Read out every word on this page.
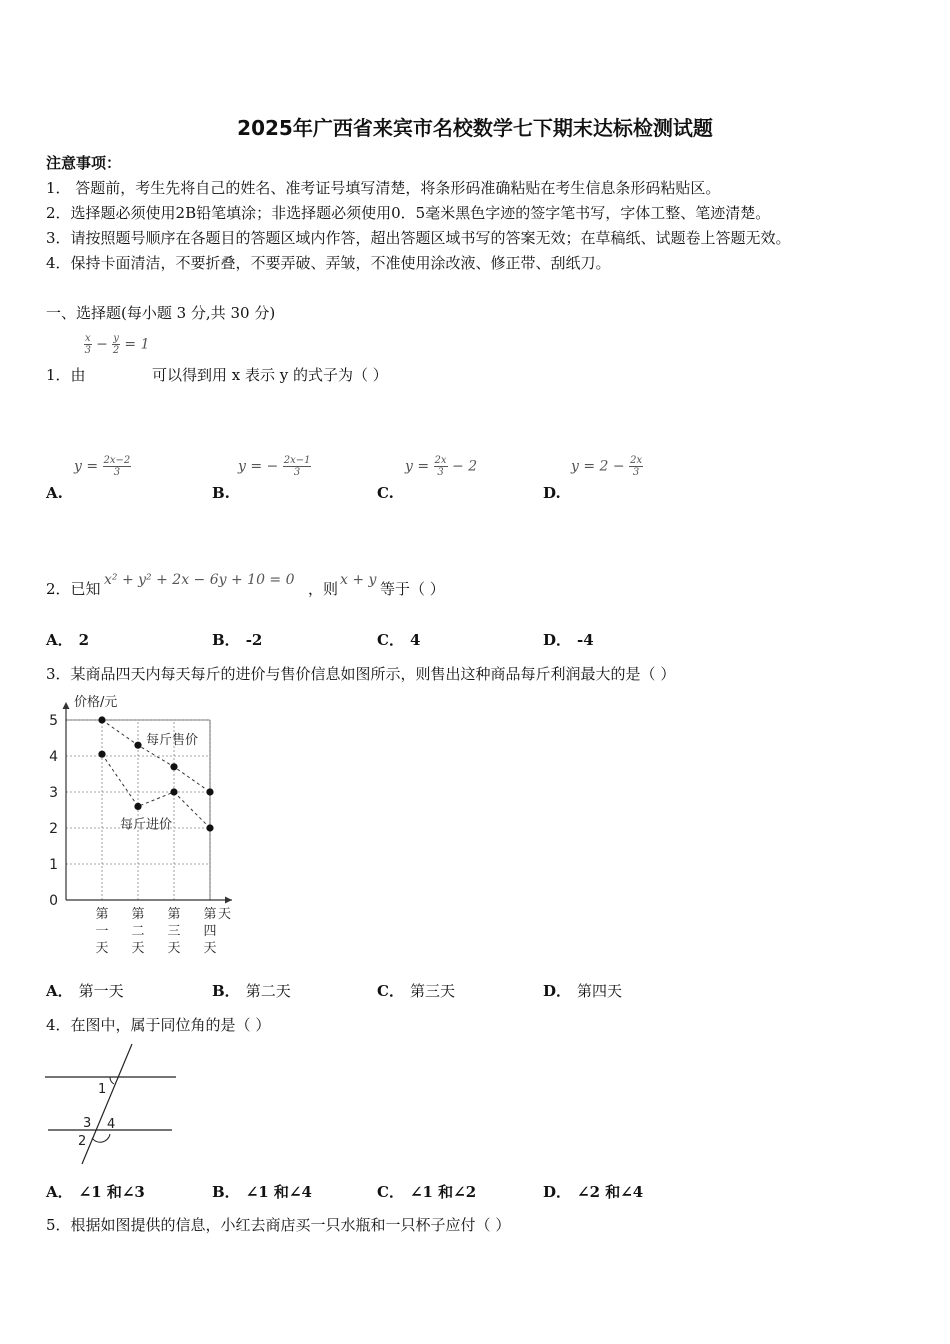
2025年广西省来宾市名校数学七下期末达标检测试题
注意事项：
1． 答题前，考生先将自己的姓名、准考证号填写清楚，将条形码准确粘贴在考生信息条形码粘贴区。
2．选择题必须使用2B铅笔填涂；非选择题必须使用0．5毫米黑色字迹的签字笔书写，字体工整、笔迹清楚。
3．请按照题号顺序在各题目的答题区域内作答，超出答题区域书写的答案无效；在草稿纸、试题卷上答题无效。
4．保持卡面清洁，不要折叠，不要弄破、弄皱，不准使用涂改液、修正带、刮纸刀。
一、选择题(每小题 3 分,共 30 分)
$\frac{x}{3} - \frac{y}{2} = 1$
1．由	可以得到用 x 表示 y 的式子为（ ）
$y = \frac{2x-2}{3}$	y = − $\frac{2x-1}{3}$	$y = \frac{2x}{3} - 2$	$y = 2 - \frac{2x}{3}$
A.	B.	C.	D.
2．已知 x² + y² + 2x − 6y + 10 = 0 ，则 x + y 等于（ ）
A． 2	B． -2	C． 4	D． -4
3．某商品四天内每天每斤的进价与售价信息如图所示，则售出这种商品每斤利润最大的是（ ）
0
1
2
3
4
5
第
一
天
第
二
天
第
三
天
第
四
天
价格/元
天
每斤售价
每斤进价
A． 第一天	B． 第二天	C． 第三天	D． 第四天
4．在图中，属于同位角的是（ ）
1
2
3 4
A． ∠1 和∠3	B． ∠1 和∠4	C． ∠1 和∠2	D． ∠2 和∠4
5．根据如图提供的信息，小红去商店买一只水瓶和一只杯子应付（ ）
